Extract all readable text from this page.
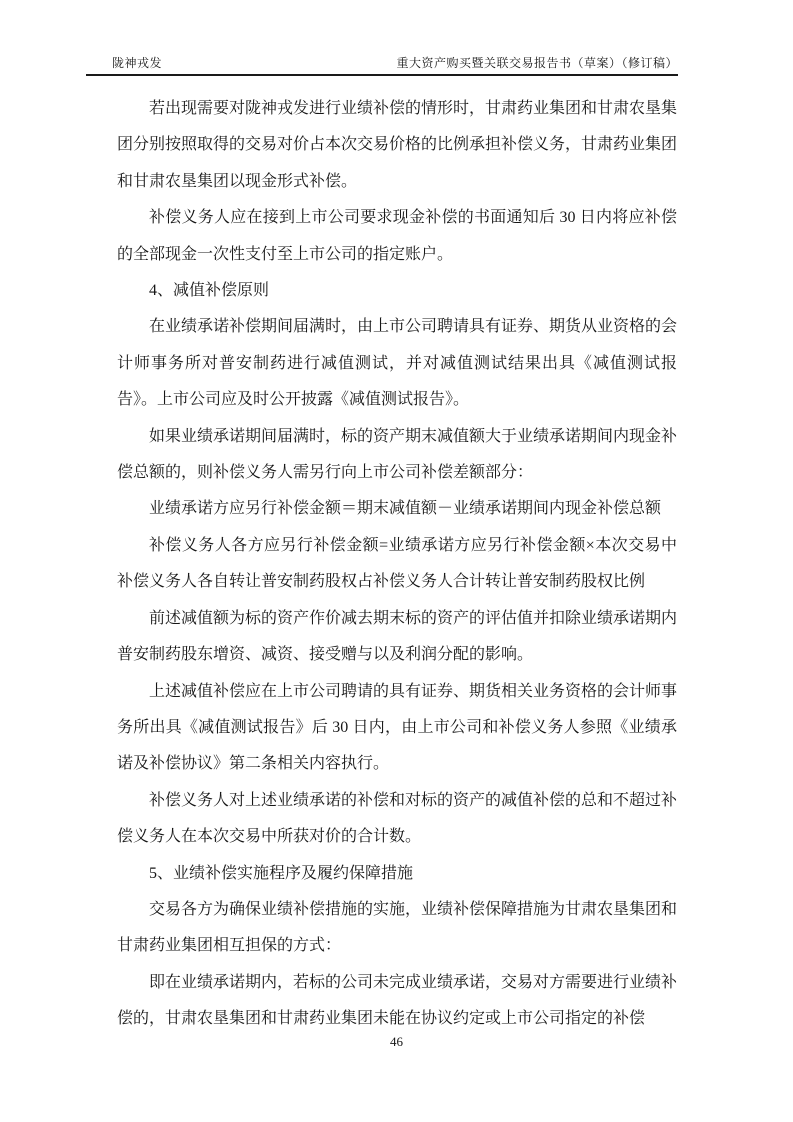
陇神戎发	重大资产购买暨关联交易报告书（草案）（修订稿）

若出现需要对陇神戎发进行业绩补偿的情形时，甘肃药业集团和甘肃农垦集团分别按照取得的交易对价占本次交易价格的比例承担补偿义务，甘肃药业集团和甘肃农垦集团以现金形式补偿。

补偿义务人应在接到上市公司要求现金补偿的书面通知后 30 日内将应补偿的全部现金一次性支付至上市公司的指定账户。

4、减值补偿原则

在业绩承诺补偿期间届满时，由上市公司聘请具有证券、期货从业资格的会计师事务所对普安制药进行减值测试，并对减值测试结果出具《减值测试报告》。上市公司应及时公开披露《减值测试报告》。

如果业绩承诺期间届满时，标的资产期末减值额大于业绩承诺期间内现金补偿总额的，则补偿义务人需另行向上市公司补偿差额部分：

业绩承诺方应另行补偿金额＝期末减值额－业绩承诺期间内现金补偿总额

补偿义务人各方应另行补偿金额=业绩承诺方应另行补偿金额×本次交易中补偿义务人各自转让普安制药股权占补偿义务人合计转让普安制药股权比例

前述减值额为标的资产作价减去期末标的资产的评估值并扣除业绩承诺期内普安制药股东增资、减资、接受赠与以及利润分配的影响。

上述减值补偿应在上市公司聘请的具有证券、期货相关业务资格的会计师事务所出具《减值测试报告》后 30 日内，由上市公司和补偿义务人参照《业绩承诺及补偿协议》第二条相关内容执行。

补偿义务人对上述业绩承诺的补偿和对标的资产的减值补偿的总和不超过补偿义务人在本次交易中所获对价的合计数。

5、业绩补偿实施程序及履约保障措施

交易各方为确保业绩补偿措施的实施，业绩补偿保障措施为甘肃农垦集团和甘肃药业集团相互担保的方式：

即在业绩承诺期内，若标的公司未完成业绩承诺，交易对方需要进行业绩补偿的，甘肃农垦集团和甘肃药业集团未能在协议约定或上市公司指定的补偿

46
